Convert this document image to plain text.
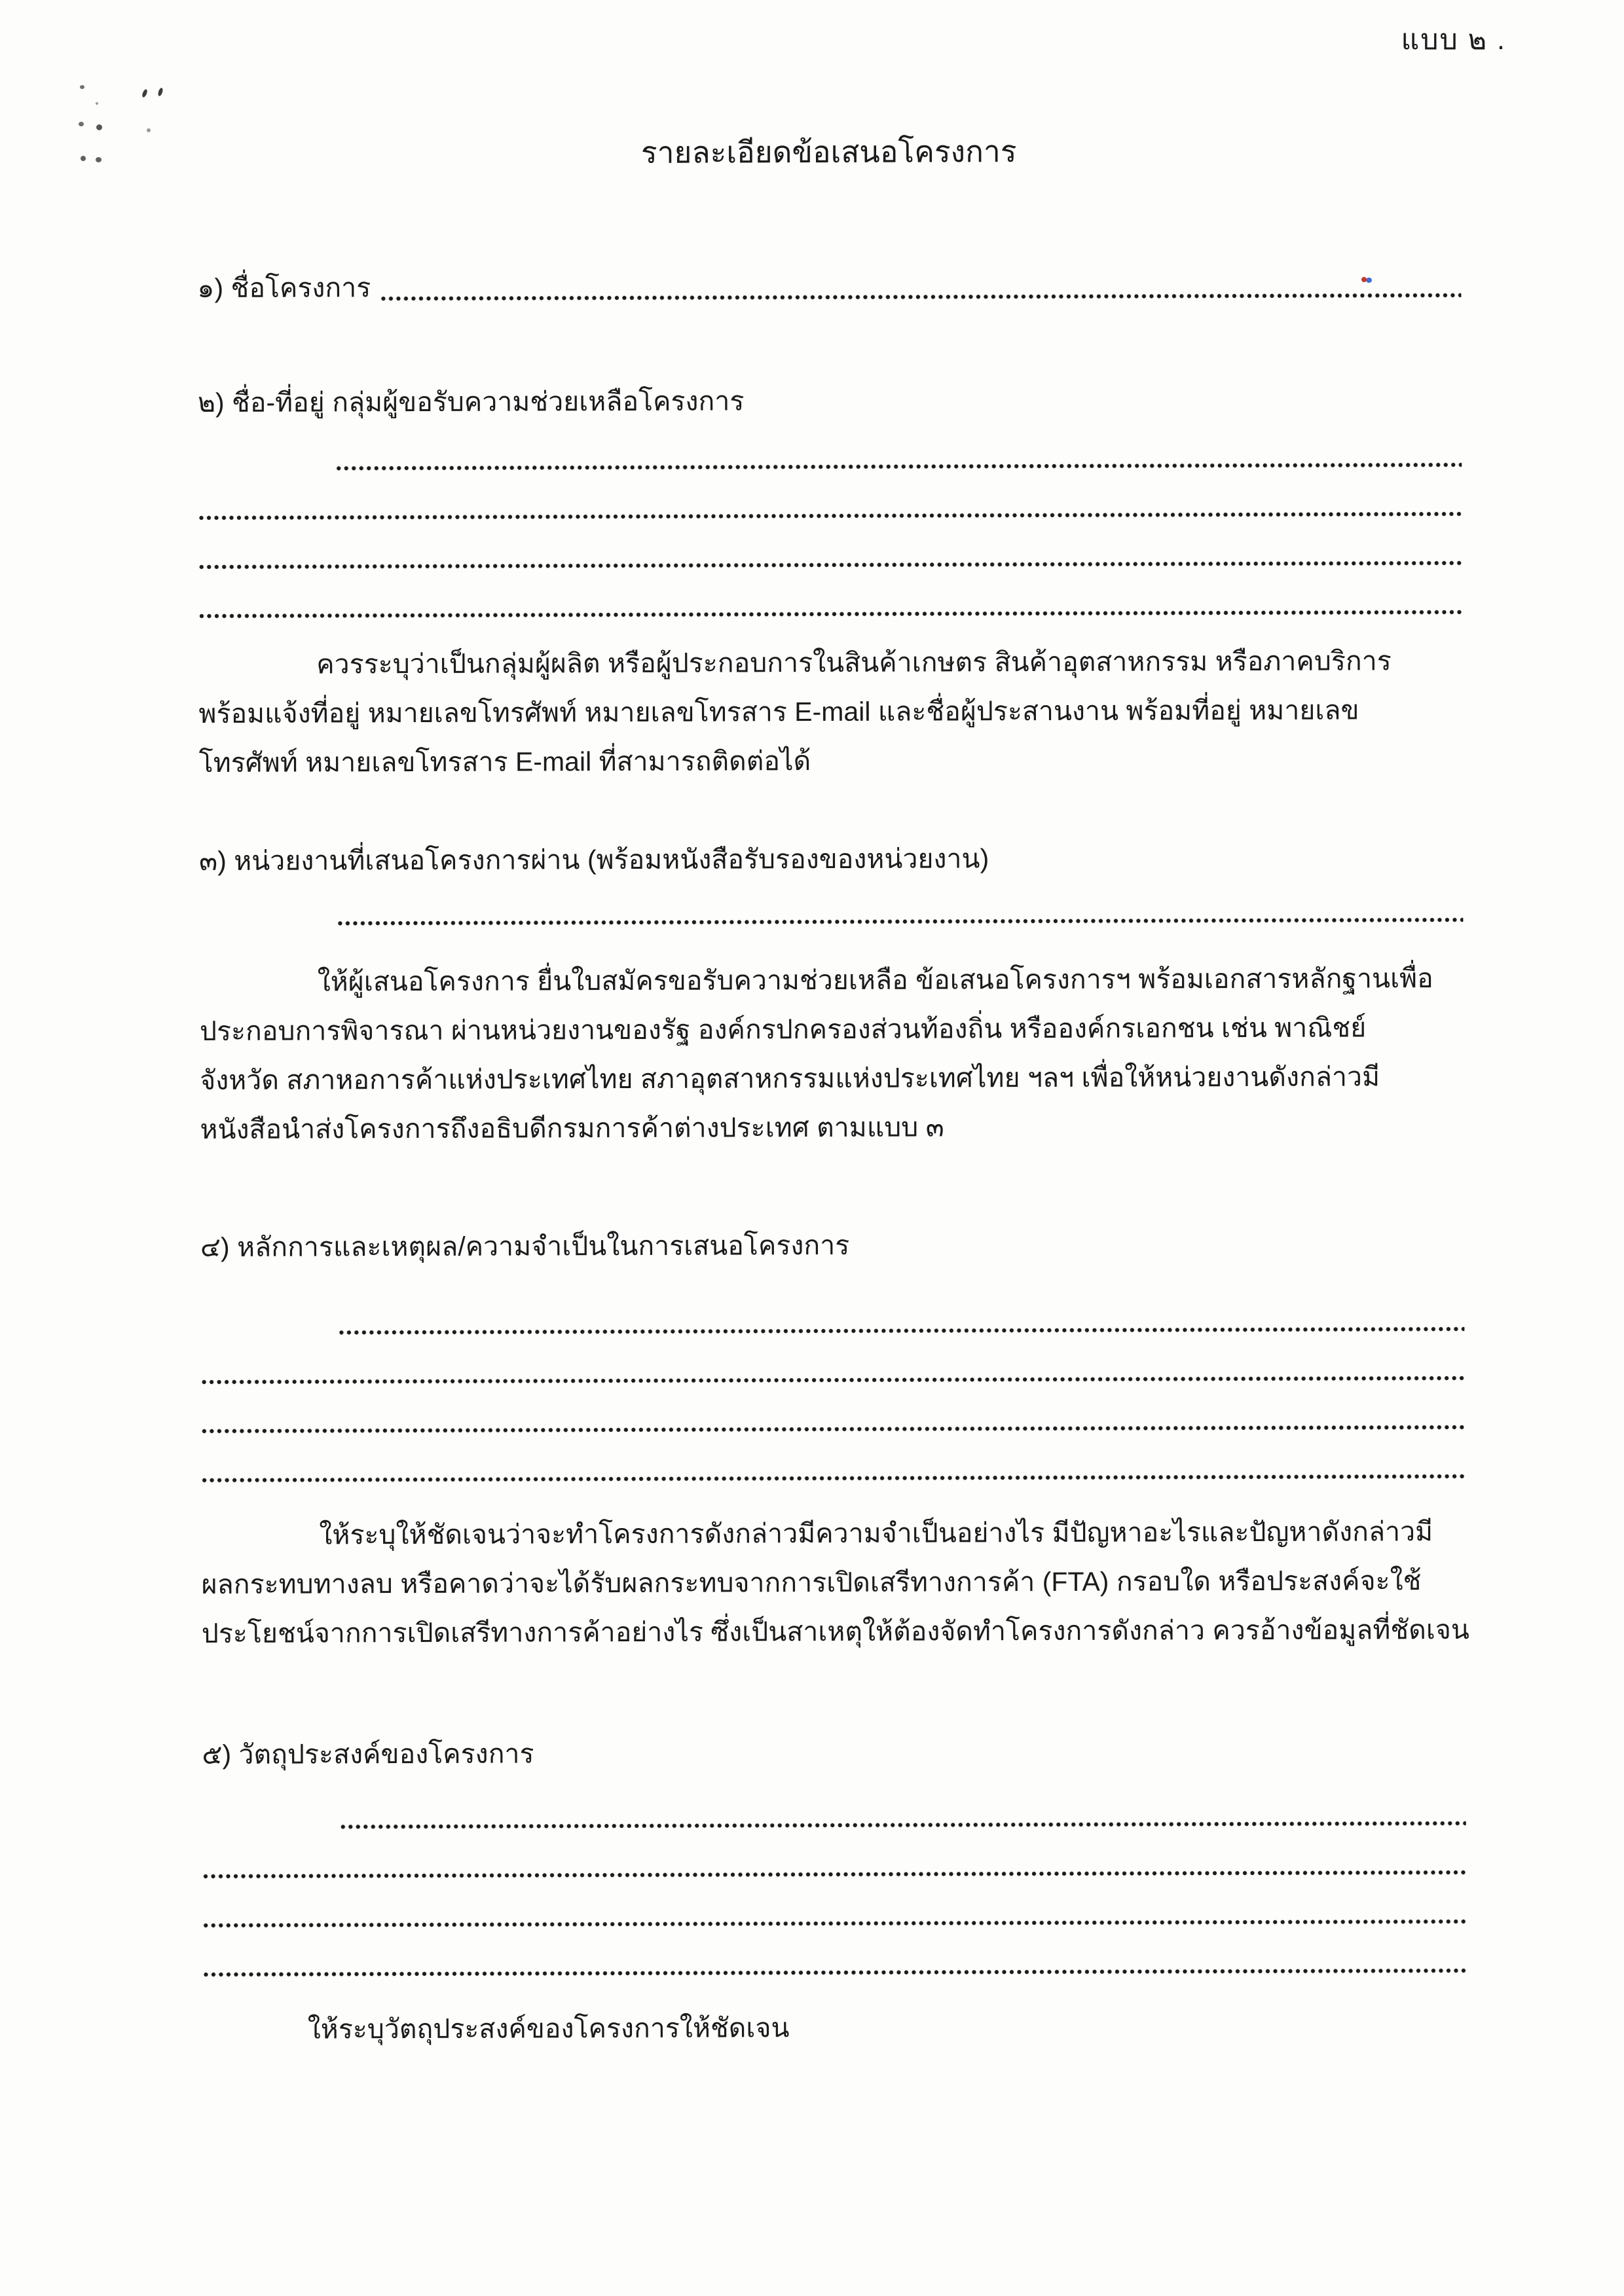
แบบ ๒ .
รายละเอียดข้อเสนอโครงการ
๑) ชื่อโครงการ
๒) ชื่อ-ที่อยู่ กลุ่มผู้ขอรับความช่วยเหลือโครงการ
ควรระบุว่าเป็นกลุ่มผู้ผลิต หรือผู้ประกอบการในสินค้าเกษตร สินค้าอุตสาหกรรม หรือภาคบริการ
พร้อมแจ้งที่อยู่ หมายเลขโทรศัพท์ หมายเลขโทรสาร E-mail และชื่อผู้ประสานงาน พร้อมที่อยู่ หมายเลข
โทรศัพท์ หมายเลขโทรสาร E-mail ที่สามารถติดต่อได้
๓) หน่วยงานที่เสนอโครงการผ่าน (พร้อมหนังสือรับรองของหน่วยงาน)
ให้ผู้เสนอโครงการ ยื่นใบสมัครขอรับความช่วยเหลือ ข้อเสนอโครงการฯ พร้อมเอกสารหลักฐานเพื่อ
ประกอบการพิจารณา ผ่านหน่วยงานของรัฐ องค์กรปกครองส่วนท้องถิ่น หรือองค์กรเอกชน เช่น พาณิชย์
จังหวัด สภาหอการค้าแห่งประเทศไทย สภาอุตสาหกรรมแห่งประเทศไทย ฯลฯ เพื่อให้หน่วยงานดังกล่าวมี
หนังสือนำส่งโครงการถึงอธิบดีกรมการค้าต่างประเทศ ตามแบบ ๓
๔) หลักการและเหตุผล/ความจำเป็นในการเสนอโครงการ
ให้ระบุให้ชัดเจนว่าจะทำโครงการดังกล่าวมีความจำเป็นอย่างไร มีปัญหาอะไรและปัญหาดังกล่าวมี
ผลกระทบทางลบ หรือคาดว่าจะได้รับผลกระทบจากการเปิดเสรีทางการค้า (FTA) กรอบใด หรือประสงค์จะใช้
ประโยชน์จากการเปิดเสรีทางการค้าอย่างไร ซึ่งเป็นสาเหตุให้ต้องจัดทำโครงการดังกล่าว ควรอ้างข้อมูลที่ชัดเจน
๕) วัตถุประสงค์ของโครงการ
ให้ระบุวัตถุประสงค์ของโครงการให้ชัดเจน
